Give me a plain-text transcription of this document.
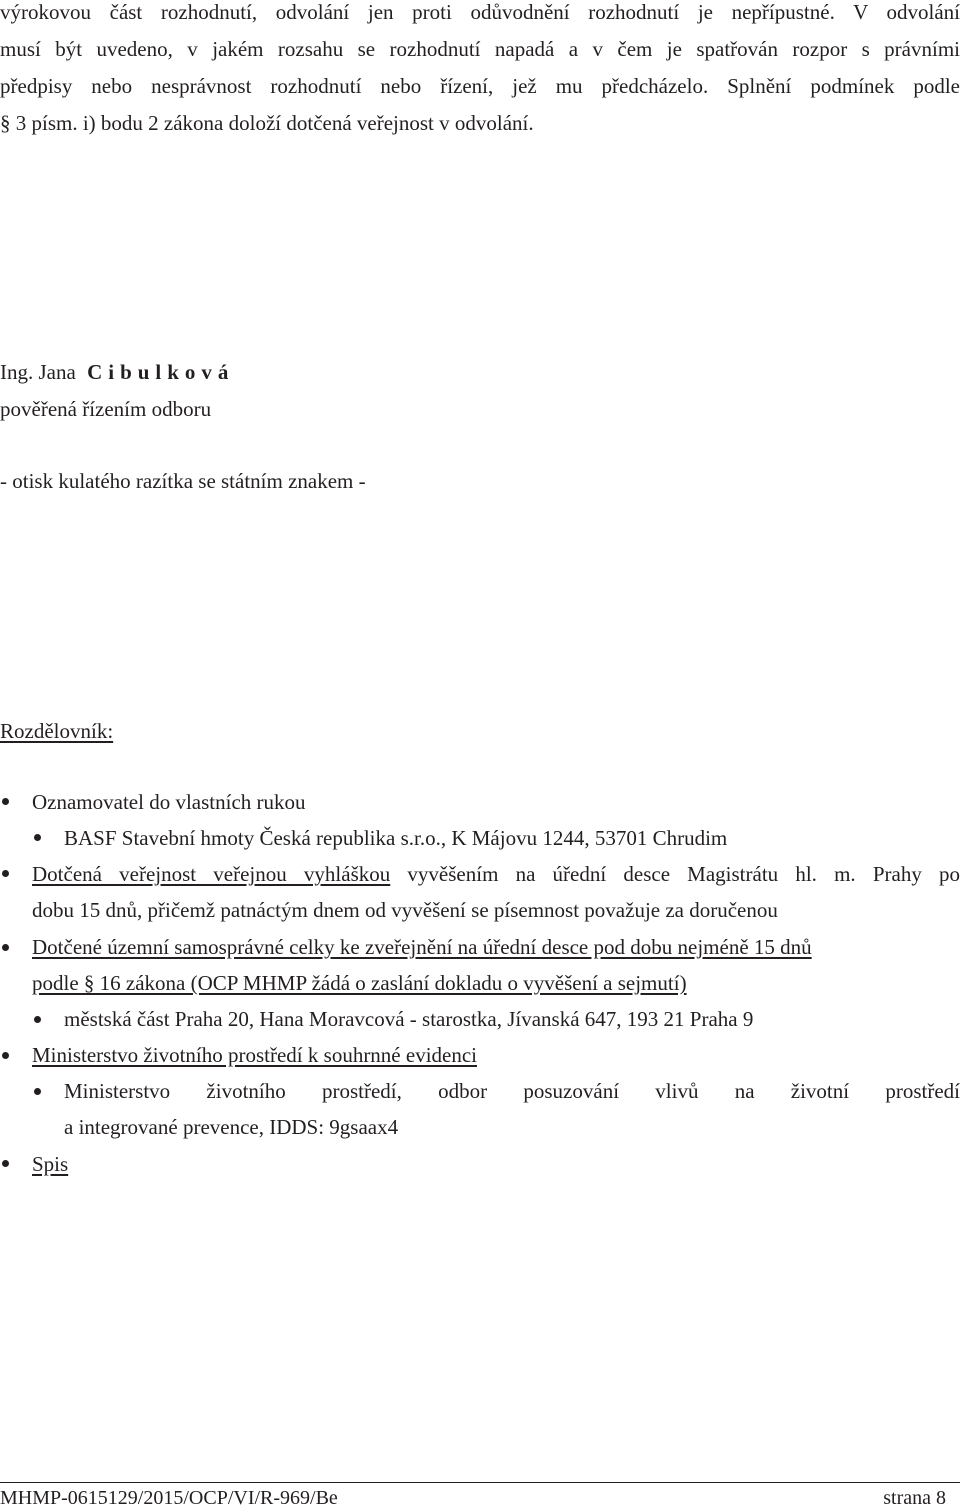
výrokovou část rozhodnutí, odvolání jen proti odůvodnění rozhodnutí je nepřípustné. V odvolání
musí být uvedeno, v jakém rozsahu se rozhodnutí napadá a v čem je spatřován rozpor s právními
předpisy nebo nesprávnost rozhodnutí nebo řízení, jež mu předcházelo. Splnění podmínek podle
§ 3 písm. i) bodu 2 zákona doloží dotčená veřejnost v odvolání.
Ing. Jana Cibulková
pověřená řízením odboru
- otisk kulatého razítka se státním znakem -
Rozdělovník:
Oznamovatel do vlastních rukou
BASF Stavební hmoty Česká republika s.r.o., K Májovu 1244, 53701 Chrudim
Dotčená veřejnost veřejnou vyhláškou vyvěšením na úřední desce Magistrátu hl. m. Prahy po
dobu 15 dnů, přičemž patnáctým dnem od vyvěšení se písemnost považuje za doručenou
Dotčené územní samosprávné celky ke zveřejnění na úřední desce pod dobu nejméně 15 dnů
podle § 16 zákona (OCP MHMP žádá o zaslání dokladu o vyvěšení a sejmutí)
městská část Praha 20, Hana Moravcová - starostka, Jívanská 647, 193 21 Praha 9
Ministerstvo životního prostředí k souhrnné evidenci
Ministerstvo životního prostředí, odbor posuzování vlivů na životní prostředí
a integrované prevence, IDDS: 9gsaax4
Spis
MHMP-0615129/2015/OCP/VI/R-969/Be	strana 8
